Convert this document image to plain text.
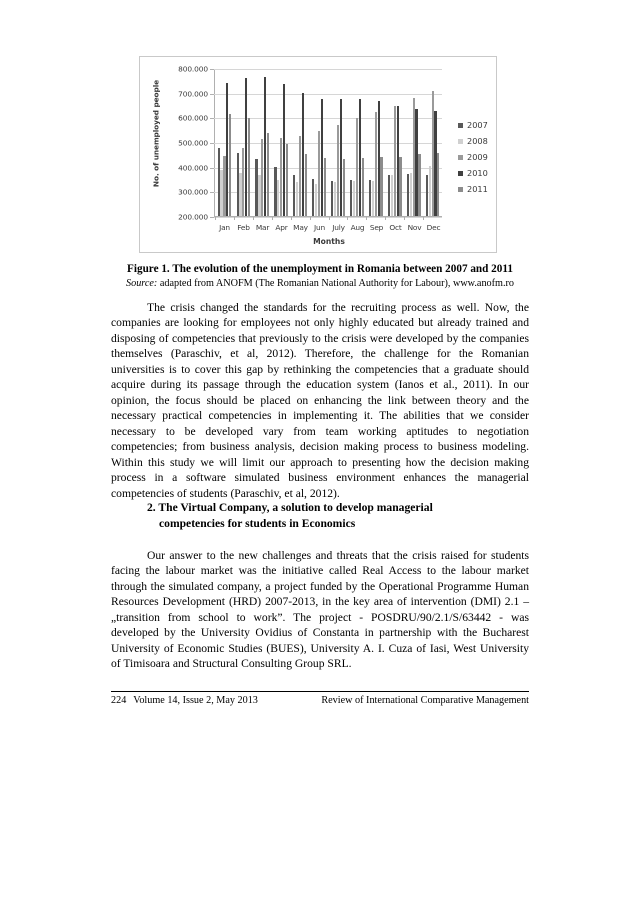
No. of unemployed people
800.000
700.000
600.000
500.000
400.000
300.000
200.000
Jan Feb Mar Apr May Jun July Aug Sep Oct Nov Dec
Months
2007
2008
2009
2010
2011
Figure 1. The evolution of the unemployment in Romania between 2007 and 2011
Source: adapted from ANOFM (The Romanian National Authority for Labour), www.anofm.ro

The crisis changed the standards for the recruiting process as well. Now, the companies are looking for employees not only highly educated but already trained and disposing of competencies that previously to the crisis were developed by the companies themselves (Paraschiv, et al, 2012). Therefore, the challenge for the Romanian universities is to cover this gap by rethinking the competencies that a graduate should acquire during its passage through the education system (Ianos et al., 2011). In our opinion, the focus should be placed on enhancing the link between theory and the necessary practical competencies in implementing it. The abilities that we consider necessary to be developed vary from team working aptitudes to negotiation competencies; from business analysis, decision making process to business modeling. Within this study we will limit our approach to presenting how the decision making process in a software simulated business environment enhances the managerial competencies of students (Paraschiv, et al, 2012).

2. The Virtual Company, a solution to develop managerial
competencies for students in Economics

Our answer to the new challenges and threats that the crisis raised for students facing the labour market was the initiative called Real Access to the labour market through the simulated company, a project funded by the Operational Programme Human Resources Development (HRD) 2007-2013, in the key area of intervention (DMI) 2.1 – „transition from school to work”. The project - POSDRU/90/2.1/S/63442 - was developed by the University Ovidius of Constanta in partnership with the Bucharest University of Economic Studies (BUES), University A. I. Cuza of Iasi, West University of Timisoara and Structural Consulting Group SRL.

224 Volume 14, Issue 2, May 2013	Review of International Comparative Management
